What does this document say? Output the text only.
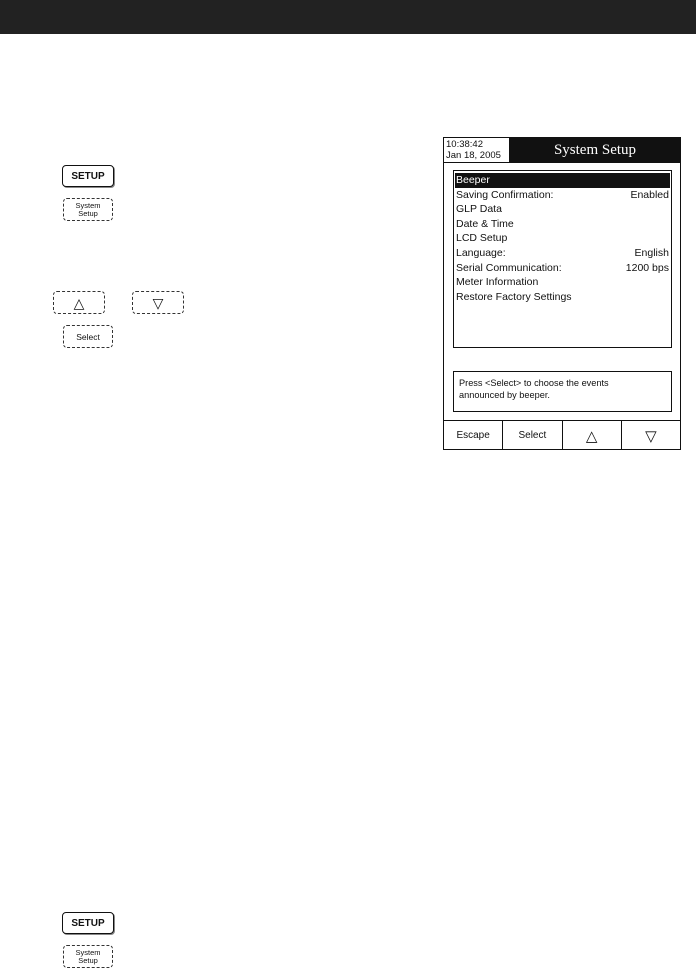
SETUP
System
Setup
△	▽
Select
10:38:42
Jan 18, 2005	System Setup
Beeper
Saving Confirmation:	Enabled
GLP Data
Date & Time
LCD Setup
Language:	English
Serial Communication:	1200 bps
Meter Information
Restore Factory Settings
Press <Select> to choose the events
announced by beeper.
Escape	Select	△	▽
SETUP
System
Setup
